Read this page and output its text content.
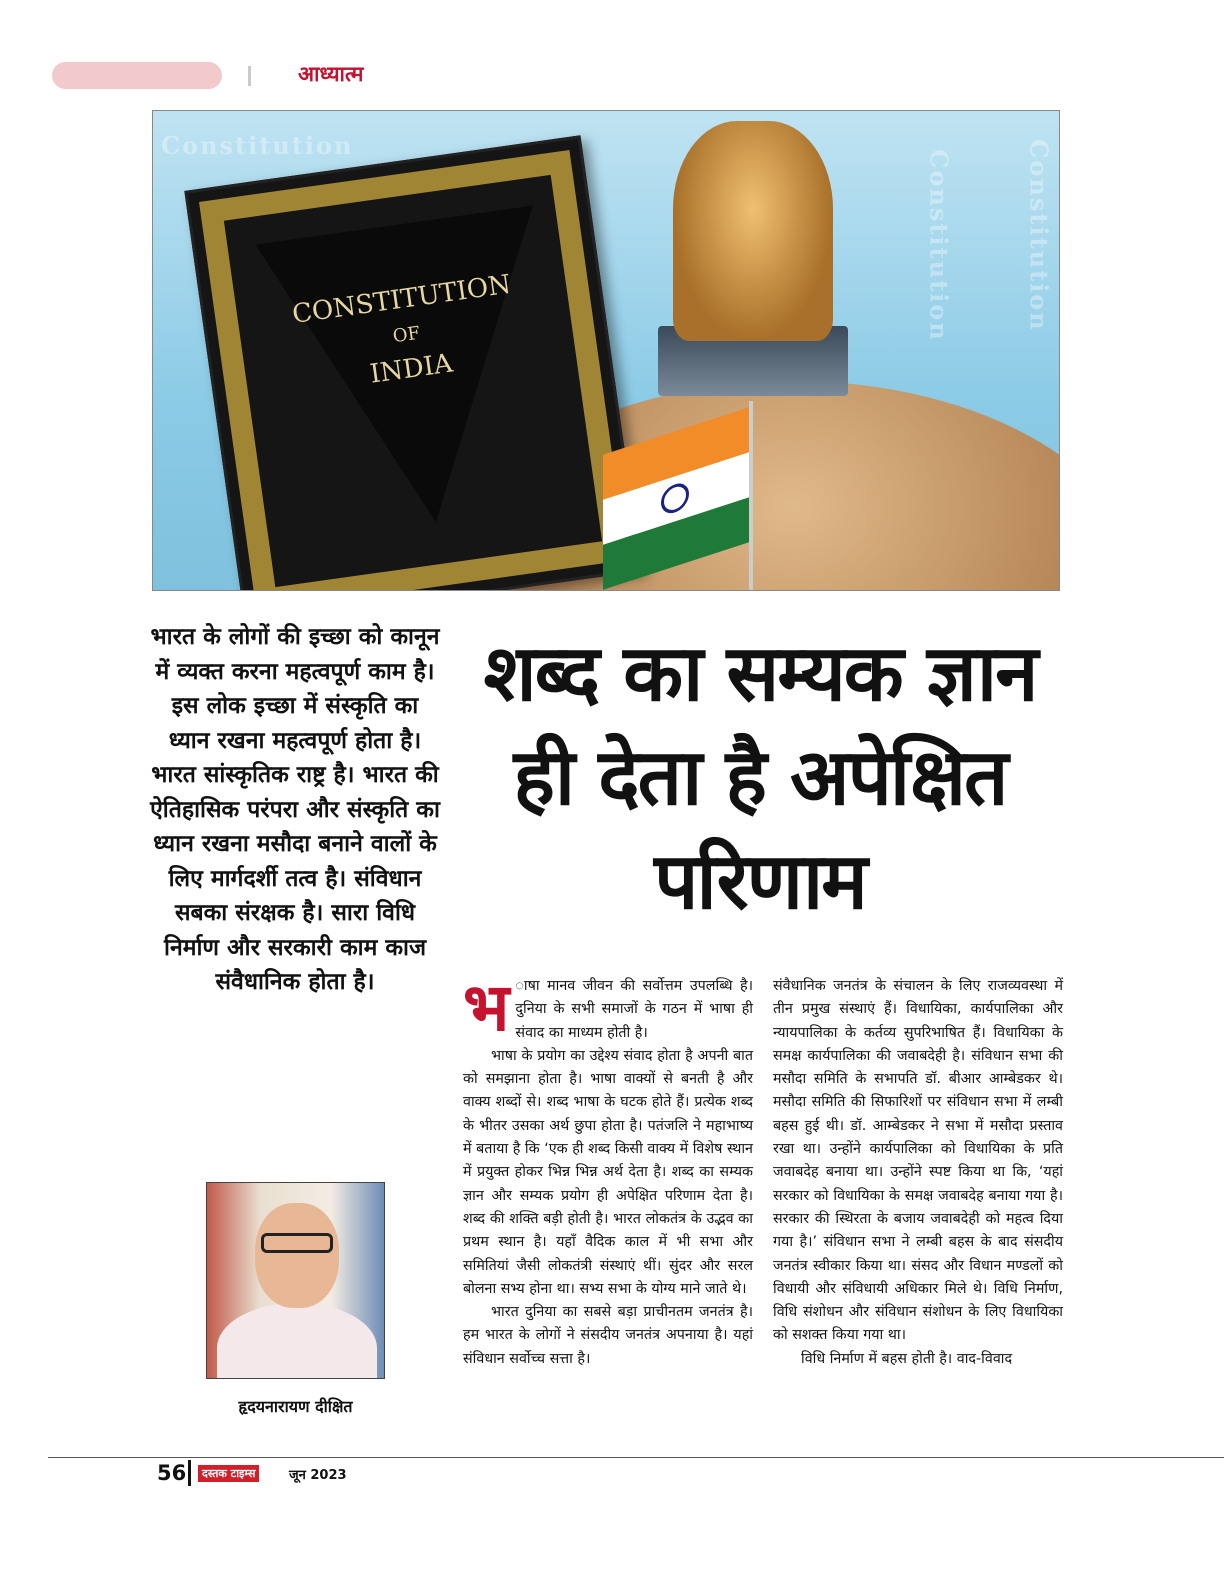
आध्यात्म
Constitution
Constitution	Constitution
CONSTITUTION
OF
INDIA
भारत के लोगों की इच्छा को कानून में व्यक्त करना महत्वपूर्ण काम है। इस लोक इच्छा में संस्कृति का ध्यान रखना महत्वपूर्ण होता है। भारत सांस्कृतिक राष्ट्र है। भारत की ऐतिहासिक परंपरा और संस्कृति का ध्यान रखना मसौदा बनाने वालों के लिए मार्गदर्शी तत्व है। संविधान सबका संरक्षक है। सारा विधि निर्माण और सरकारी काम काज संवैधानिक होता है।
शब्द का सम्यक ज्ञान ही देता है अपेक्षित परिणाम

भ ाषा मानव जीवन की सर्वोत्तम उपलब्धि है। दुनिया के सभी समाजों के गठन में भाषा ही संवाद का माध्यम होती है।

भाषा के प्रयोग का उद्देश्य संवाद होता है अपनी बात को समझाना होता है। भाषा वाक्यों से बनती है और वाक्य शब्दों से। शब्द भाषा के घटक होते हैं। प्रत्येक शब्द के भीतर उसका अर्थ छुपा होता है। पतंजलि ने महाभाष्य में बताया है कि ‘एक ही शब्द किसी वाक्य में विशेष स्थान में प्रयुक्त होकर भिन्न भिन्न अर्थ देता है। शब्द का सम्यक ज्ञान और सम्यक प्रयोग ही अपेक्षित परिणाम देता है। शब्द की शक्ति बड़ी होती है। भारत लोकतंत्र के उद्भव का प्रथम स्थान है। यहाँ वैदिक काल में भी सभा और समितियां जैसी लोकतंत्री संस्थाएं थीं। सुंदर और सरल बोलना सभ्य होना था। सभ्य सभा के योग्य माने जाते थे।

भारत दुनिया का सबसे बड़ा प्राचीनतम जनतंत्र है। हम भारत के लोगों ने संसदीय जनतंत्र अपनाया है। यहां संविधान सर्वोच्च सत्ता है।

संवैधानिक जनतंत्र के संचालन के लिए राजव्यवस्था में तीन प्रमुख संस्थाएं हैं। विधायिका, कार्यपालिका और न्यायपालिका के कर्तव्य सुपरिभाषित हैं। विधायिका के समक्ष कार्यपालिका की जवाबदेही है। संविधान सभा की मसौदा समिति के सभापति डॉ. बीआर आम्बेडकर थे। मसौदा समिति की सिफारिशों पर संविधान सभा में लम्बी बहस हुई थी। डॉ. आम्बेडकर ने सभा में मसौदा प्रस्ताव रखा था। उन्होंने कार्यपालिका को विधायिका के प्रति जवाबदेह बनाया था। उन्होंने स्पष्ट किया था कि, ‘यहां सरकार को विधायिका के समक्ष जवाबदेह बनाया गया है। सरकार की स्थिरता के बजाय जवाबदेही को महत्व दिया गया है।’ संविधान सभा ने लम्बी बहस के बाद संसदीय जनतंत्र स्वीकार किया था। संसद और विधान मण्डलों को विधायी और संविधायी अधिकार मिले थे। विधि निर्माण, विधि संशोधन और संविधान संशोधन के लिए विधायिका को सशक्त किया गया था।

विधि निर्माण में बहस होती है। वाद-विवाद

हृदयनारायण दीक्षित
56	दस्तक टाइम्स	जून 2023
